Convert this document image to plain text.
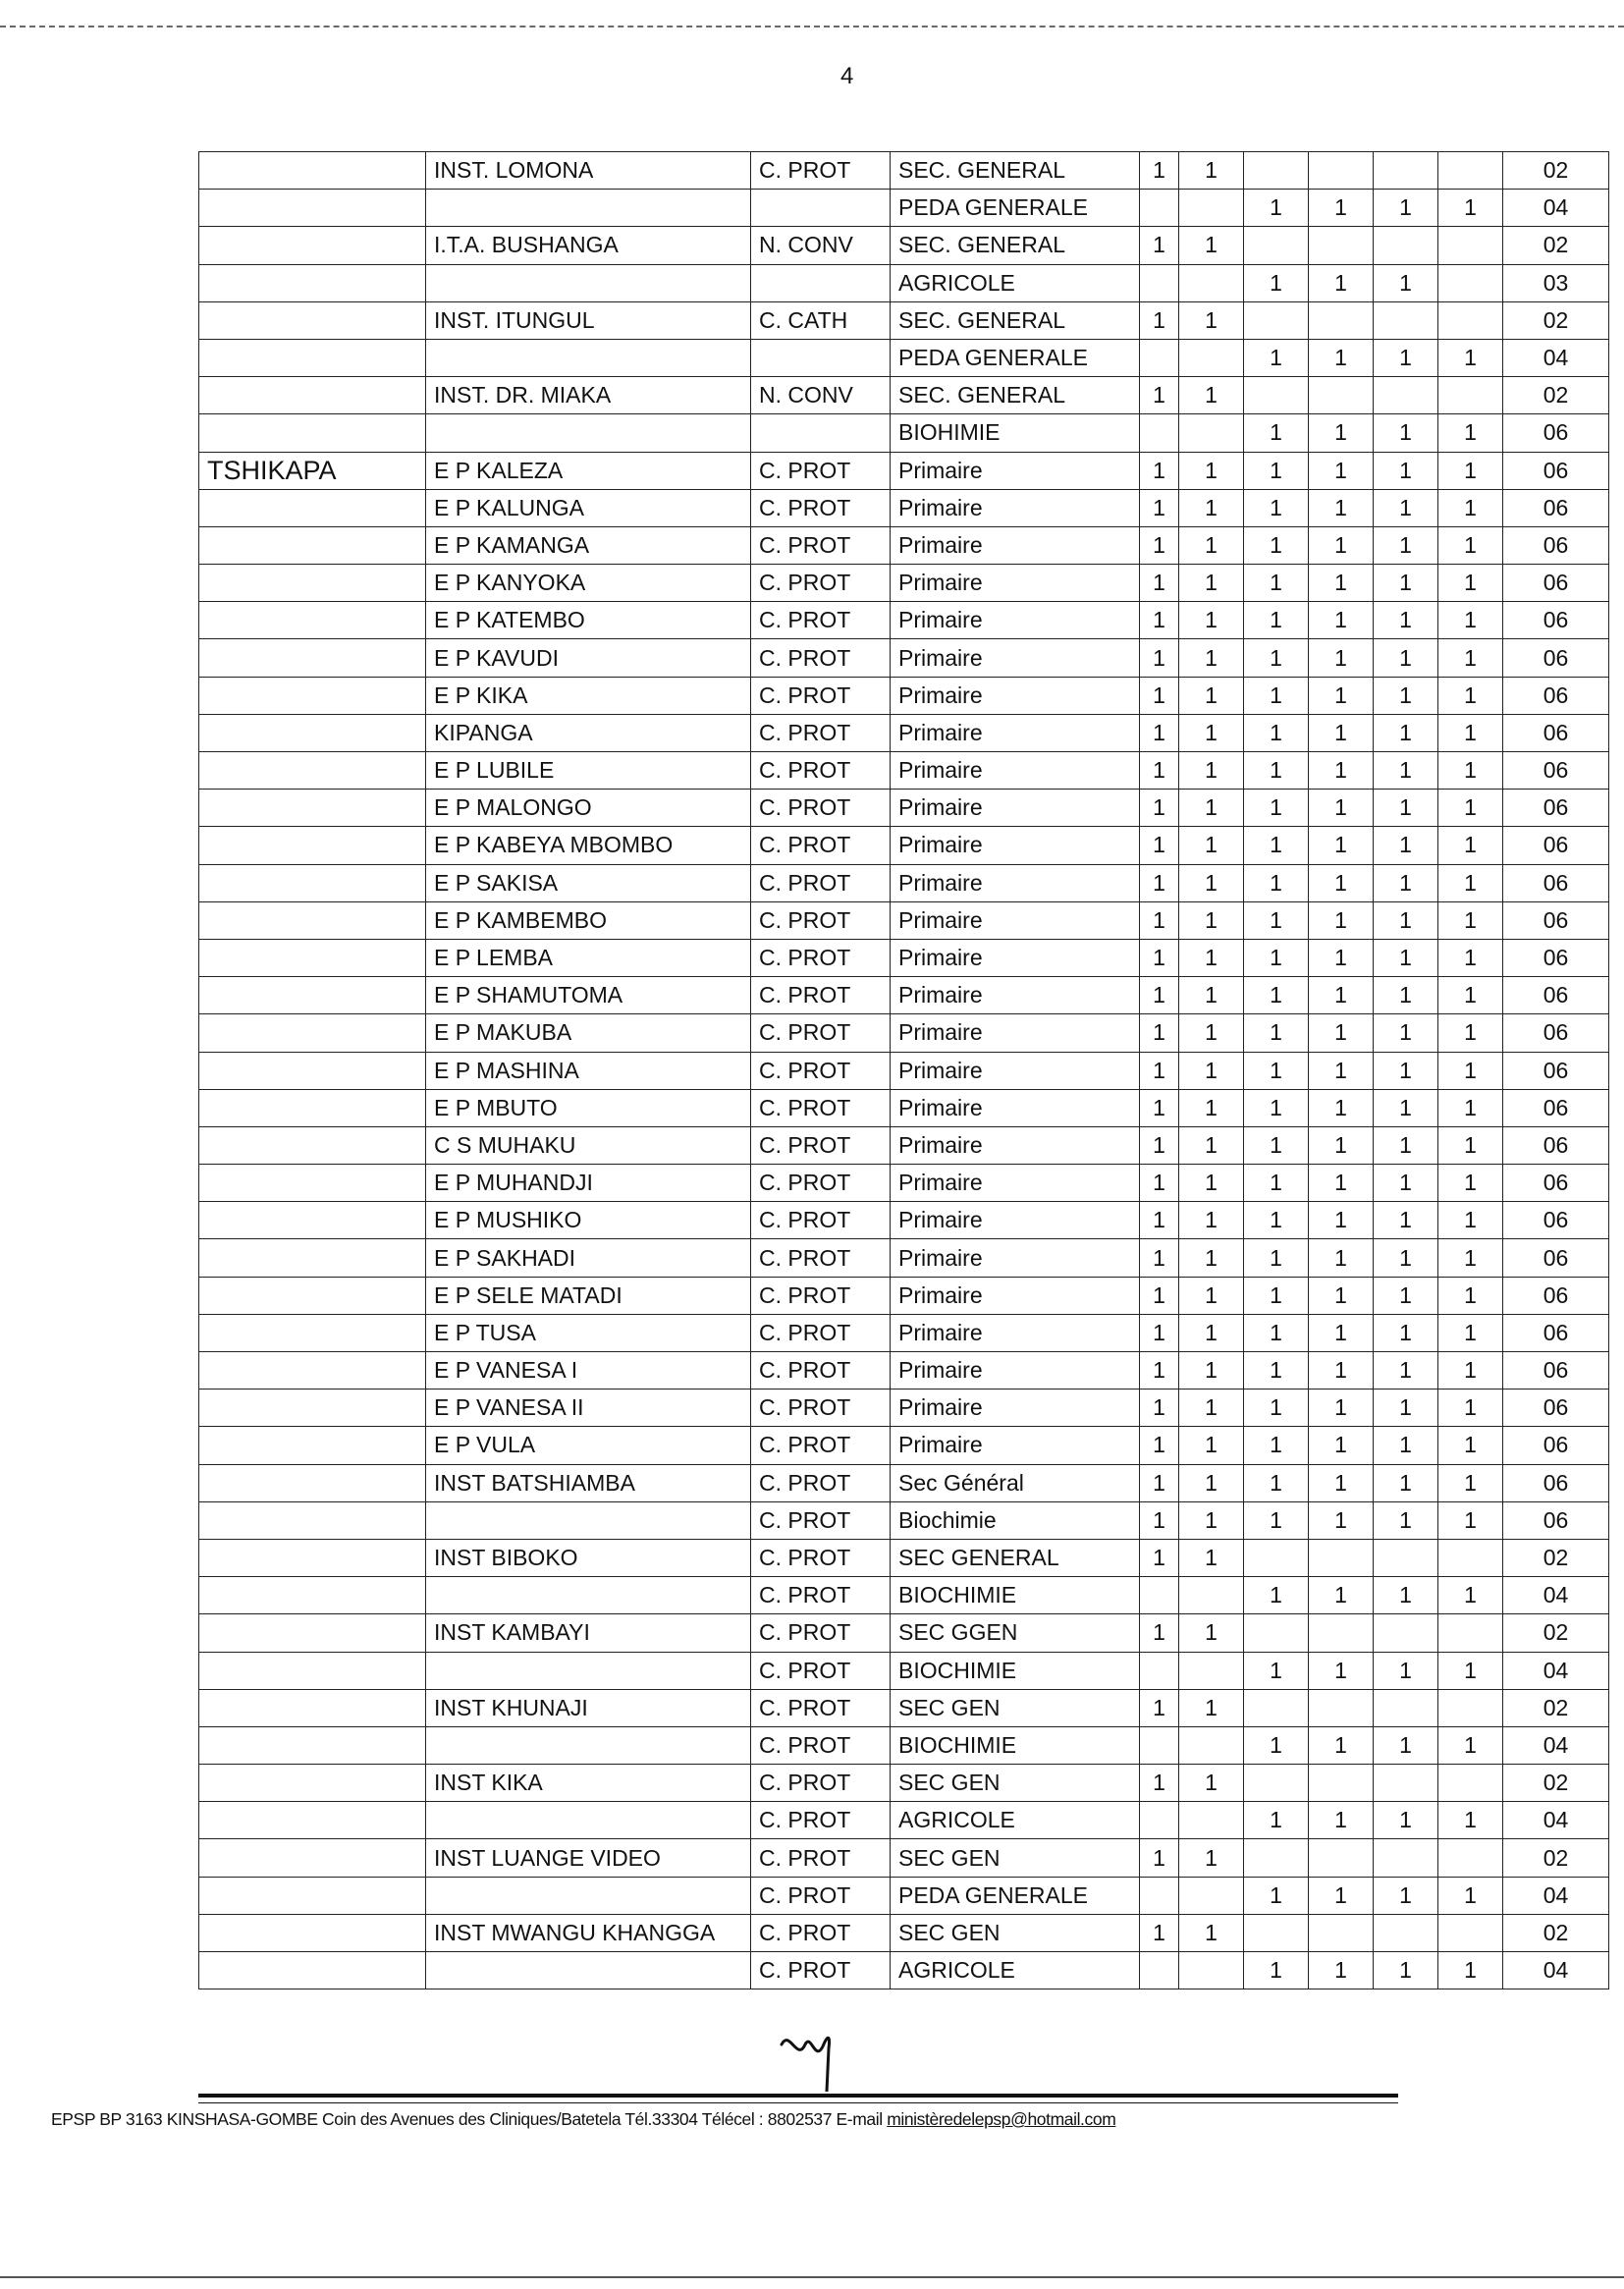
4
	INST. LOMONA	C. PROT	SEC. GENERAL	1	1					02
			PEDA GENERALE			1	1	1	1	04
	I.T.A. BUSHANGA	N. CONV	SEC. GENERAL	1	1					02
			AGRICOLE			1	1	1		03
	INST. ITUNGUL	C. CATH	SEC. GENERAL	1	1					02
			PEDA GENERALE			1	1	1	1	04
	INST. DR. MIAKA	N. CONV	SEC. GENERAL	1	1					02
			BIOHIMIE			1	1	1	1	06
TSHIKAPA	E P KALEZA	C. PROT	Primaire	1	1	1	1	1	1	06
	E P KALUNGA	C. PROT	Primaire	1	1	1	1	1	1	06
	E P KAMANGA	C. PROT	Primaire	1	1	1	1	1	1	06
	E P KANYOKA	C. PROT	Primaire	1	1	1	1	1	1	06
	E P KATEMBO	C. PROT	Primaire	1	1	1	1	1	1	06
	E P KAVUDI	C. PROT	Primaire	1	1	1	1	1	1	06
	E P KIKA	C. PROT	Primaire	1	1	1	1	1	1	06
	KIPANGA	C. PROT	Primaire	1	1	1	1	1	1	06
	E P LUBILE	C. PROT	Primaire	1	1	1	1	1	1	06
	E P MALONGO	C. PROT	Primaire	1	1	1	1	1	1	06
	E P KABEYA MBOMBO	C. PROT	Primaire	1	1	1	1	1	1	06
	E P SAKISA	C. PROT	Primaire	1	1	1	1	1	1	06
	E P KAMBEMBO	C. PROT	Primaire	1	1	1	1	1	1	06
	E P LEMBA	C. PROT	Primaire	1	1	1	1	1	1	06
	E P SHAMUTOMA	C. PROT	Primaire	1	1	1	1	1	1	06
	E P MAKUBA	C. PROT	Primaire	1	1	1	1	1	1	06
	E P MASHINA	C. PROT	Primaire	1	1	1	1	1	1	06
	E P MBUTO	C. PROT	Primaire	1	1	1	1	1	1	06
	C S MUHAKU	C. PROT	Primaire	1	1	1	1	1	1	06
	E P MUHANDJI	C. PROT	Primaire	1	1	1	1	1	1	06
	E P MUSHIKO	C. PROT	Primaire	1	1	1	1	1	1	06
	E P SAKHADI	C. PROT	Primaire	1	1	1	1	1	1	06
	E P SELE MATADI	C. PROT	Primaire	1	1	1	1	1	1	06
	E P TUSA	C. PROT	Primaire	1	1	1	1	1	1	06
	E P VANESA I	C. PROT	Primaire	1	1	1	1	1	1	06
	E P VANESA II	C. PROT	Primaire	1	1	1	1	1	1	06
	E P VULA	C. PROT	Primaire	1	1	1	1	1	1	06
	INST BATSHIAMBA	C. PROT	Sec Général	1	1	1	1	1	1	06
		C. PROT	Biochimie	1	1	1	1	1	1	06
	INST BIBOKO	C. PROT	SEC GENERAL	1	1					02
		C. PROT	BIOCHIMIE			1	1	1	1	04
	INST KAMBAYI	C. PROT	SEC GGEN	1	1					02
		C. PROT	BIOCHIMIE			1	1	1	1	04
	INST KHUNAJI	C. PROT	SEC GEN	1	1					02
		C. PROT	BIOCHIMIE			1	1	1	1	04
	INST KIKA	C. PROT	SEC GEN	1	1					02
		C. PROT	AGRICOLE			1	1	1	1	04
	INST LUANGE VIDEO	C. PROT	SEC GEN	1	1					02
		C. PROT	PEDA GENERALE			1	1	1	1	04
	INST MWANGU KHANGGA	C. PROT	SEC GEN	1	1					02
		C. PROT	AGRICOLE			1	1	1	1	04
EPSP BP 3163 KINSHASA-GOMBE Coin des Avenues des Cliniques/Batetela Tél.33304 Télécel : 8802537 E-mail ministèredelepsp@hotmail.com
